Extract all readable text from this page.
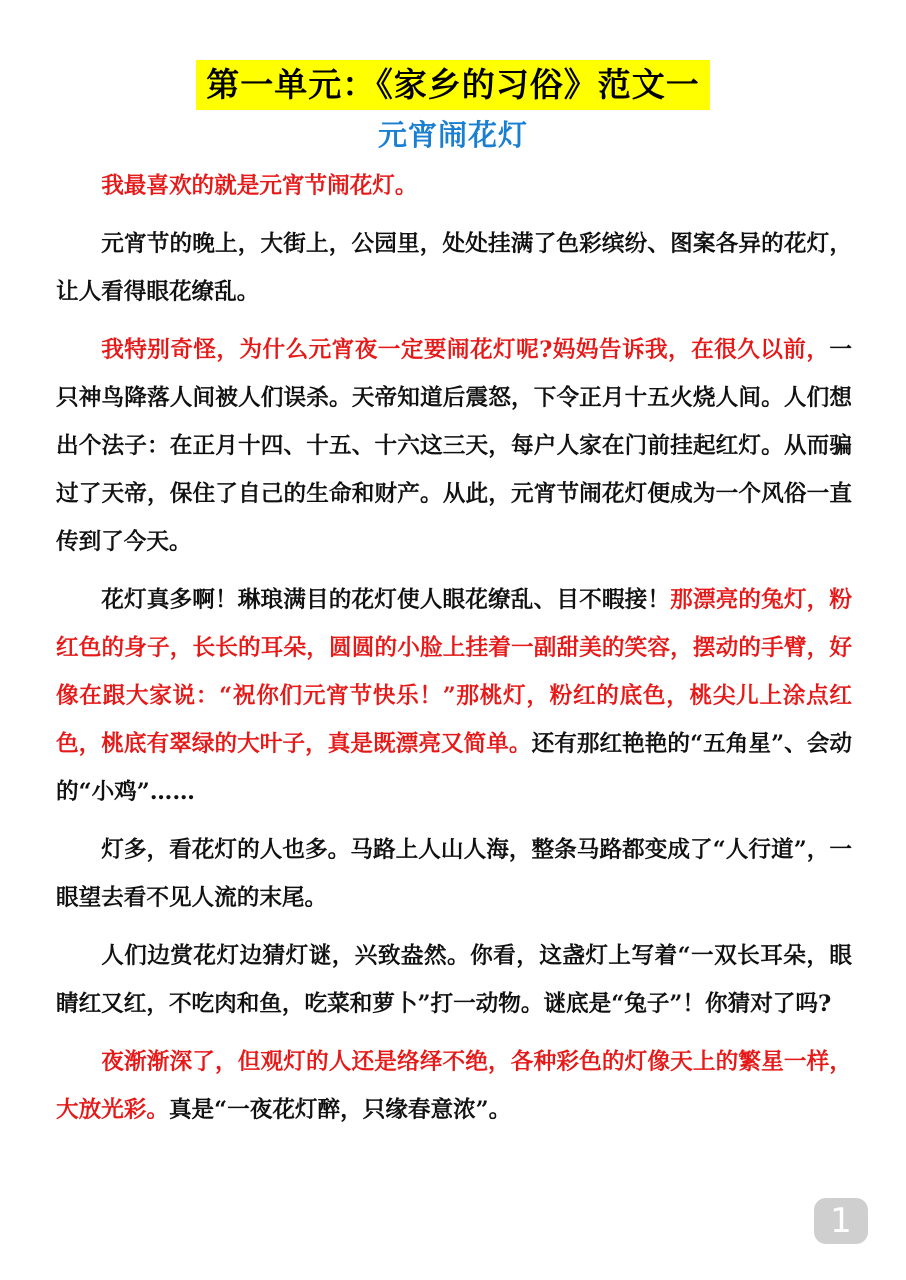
第一单元：《家乡的习俗》范文一
元宵闹花灯

我最喜欢的就是元宵节闹花灯。

元宵节的晚上，大街上，公园里，处处挂满了色彩缤纷、图案各异的花灯，让人看得眼花缭乱。

我特别奇怪，为什么元宵夜一定要闹花灯呢?妈妈告诉我，在很久以前，一只神鸟降落人间被人们误杀。天帝知道后震怒，下令正月十五火烧人间。人们想出个法子：在正月十四、十五、十六这三天，每户人家在门前挂起红灯。从而骗过了天帝，保住了自己的生命和财产。从此，元宵节闹花灯便成为一个风俗一直传到了今天。

花灯真多啊！琳琅满目的花灯使人眼花缭乱、目不暇接！那漂亮的兔灯，粉红色的身子，长长的耳朵，圆圆的小脸上挂着一副甜美的笑容，摆动的手臂，好像在跟大家说：“祝你们元宵节快乐！”那桃灯，粉红的底色，桃尖儿上涂点红色，桃底有翠绿的大叶子，真是既漂亮又简单。还有那红艳艳的“五角星”、会动的“小鸡”……

灯多，看花灯的人也多。马路上人山人海，整条马路都变成了“人行道”，一眼望去看不见人流的末尾。

人们边赏花灯边猜灯谜，兴致盎然。你看，这盏灯上写着“一双长耳朵，眼睛红又红，不吃肉和鱼，吃菜和萝卜”打一动物。谜底是“兔子”！你猜对了吗?

夜渐渐深了，但观灯的人还是络绎不绝，各种彩色的灯像天上的繁星一样，大放光彩。真是“一夜花灯醉，只缘春意浓”。

1
